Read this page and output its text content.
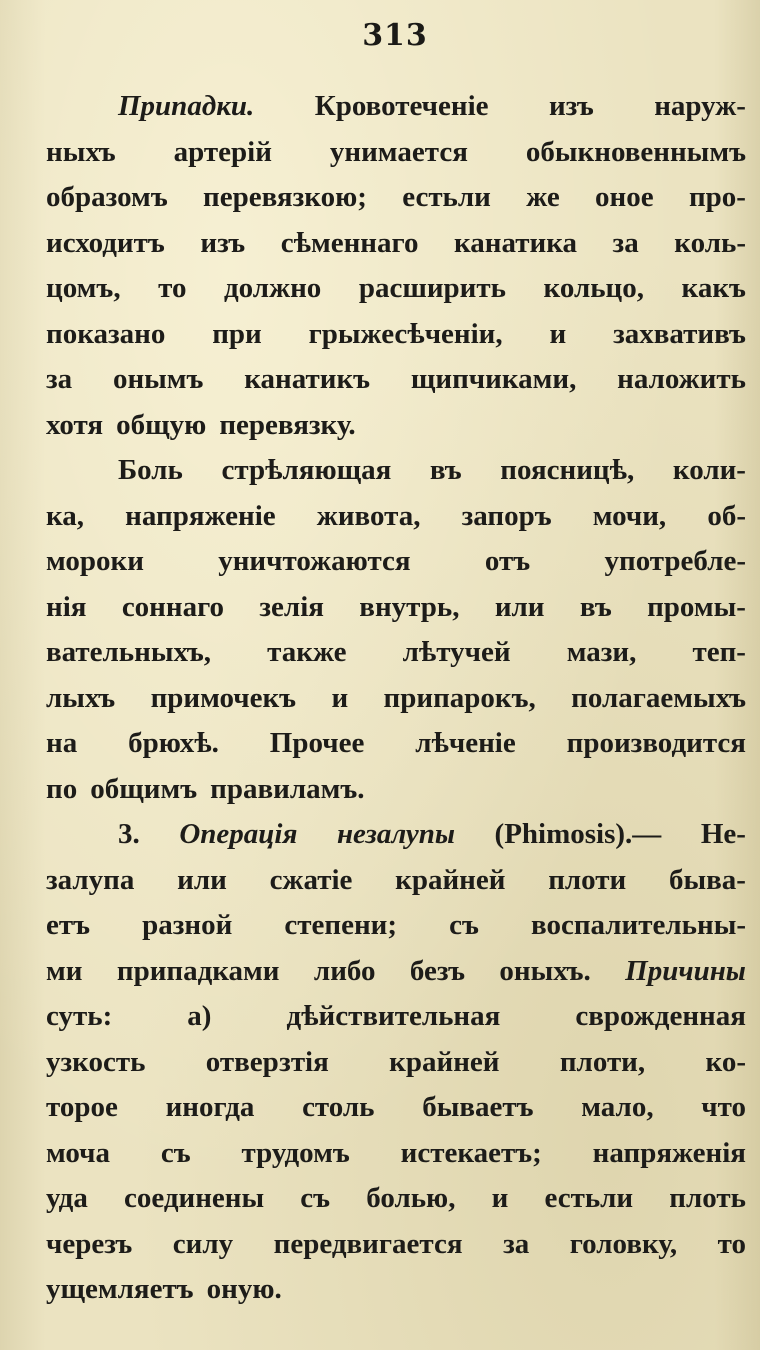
313
Припадки. Кровотеченіе изъ наруж-
ныхъ артерій унимается обыкновеннымъ
образомъ перевязкою; естьли же оное про-
исходитъ изъ сѣменнаго канатика за коль-
цомъ, то должно расширить кольцо, какъ
показано при грыжесѣченіи, и захвативъ
за онымъ канатикъ щипчиками, наложить
хотя общую перевязку.
Боль стрѣляющая въ поясницѣ, коли-
ка, напряженіе живота, запоръ мочи, об-
мороки	уничтожаются	отъ	употребле-
нія соннаго зелія внутрь, или въ промы-
вательныхъ, также лѣтучей мази, теп-
лыхъ примочекъ и припарокъ, полагаемыхъ
на брюхѣ. Прочее лѣченіе производится
по общимъ правиламъ.
3. Операція незалупы (Phimosis).— Не-
залупа или сжатіе крайней плоти быва-
етъ разной степени; съ воспалительны-
ми припадками либо безъ оныхъ. Причины
суть:	а)	дѣйствительная	сврожденная
узкость отверзтія крайней плоти, ко-
торое иногда столь бываетъ мало, что
моча съ трудомъ истекаетъ; напряженія
уда соединены съ болью, и естьли плоть
черезъ силу передвигается за головку, то
ущемляетъ оную.
